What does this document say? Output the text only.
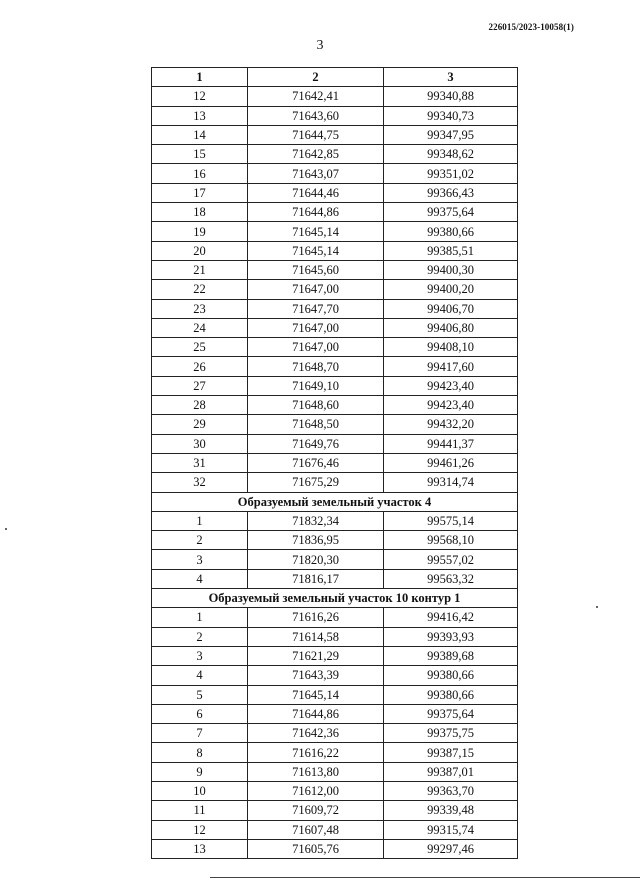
226015/2023-10058(1)
3
1	2	3
12	71642,41	99340,88
13	71643,60	99340,73
14	71644,75	99347,95
15	71642,85	99348,62
16	71643,07	99351,02
17	71644,46	99366,43
18	71644,86	99375,64
19	71645,14	99380,66
20	71645,14	99385,51
21	71645,60	99400,30
22	71647,00	99400,20
23	71647,70	99406,70
24	71647,00	99406,80
25	71647,00	99408,10
26	71648,70	99417,60
27	71649,10	99423,40
28	71648,60	99423,40
29	71648,50	99432,20
30	71649,76	99441,37
31	71676,46	99461,26
32	71675,29	99314,74
Образуемый земельный участок 4		
1	71832,34	99575,14
2	71836,95	99568,10
3	71820,30	99557,02
4	71816,17	99563,32
Образуемый земельный участок 10 контур 1		
1	71616,26	99416,42
2	71614,58	99393,93
3	71621,29	99389,68
4	71643,39	99380,66
5	71645,14	99380,66
6	71644,86	99375,64
7	71642,36	99375,75
8	71616,22	99387,15
9	71613,80	99387,01
10	71612,00	99363,70
11	71609,72	99339,48
12	71607,48	99315,74
13	71605,76	99297,46
